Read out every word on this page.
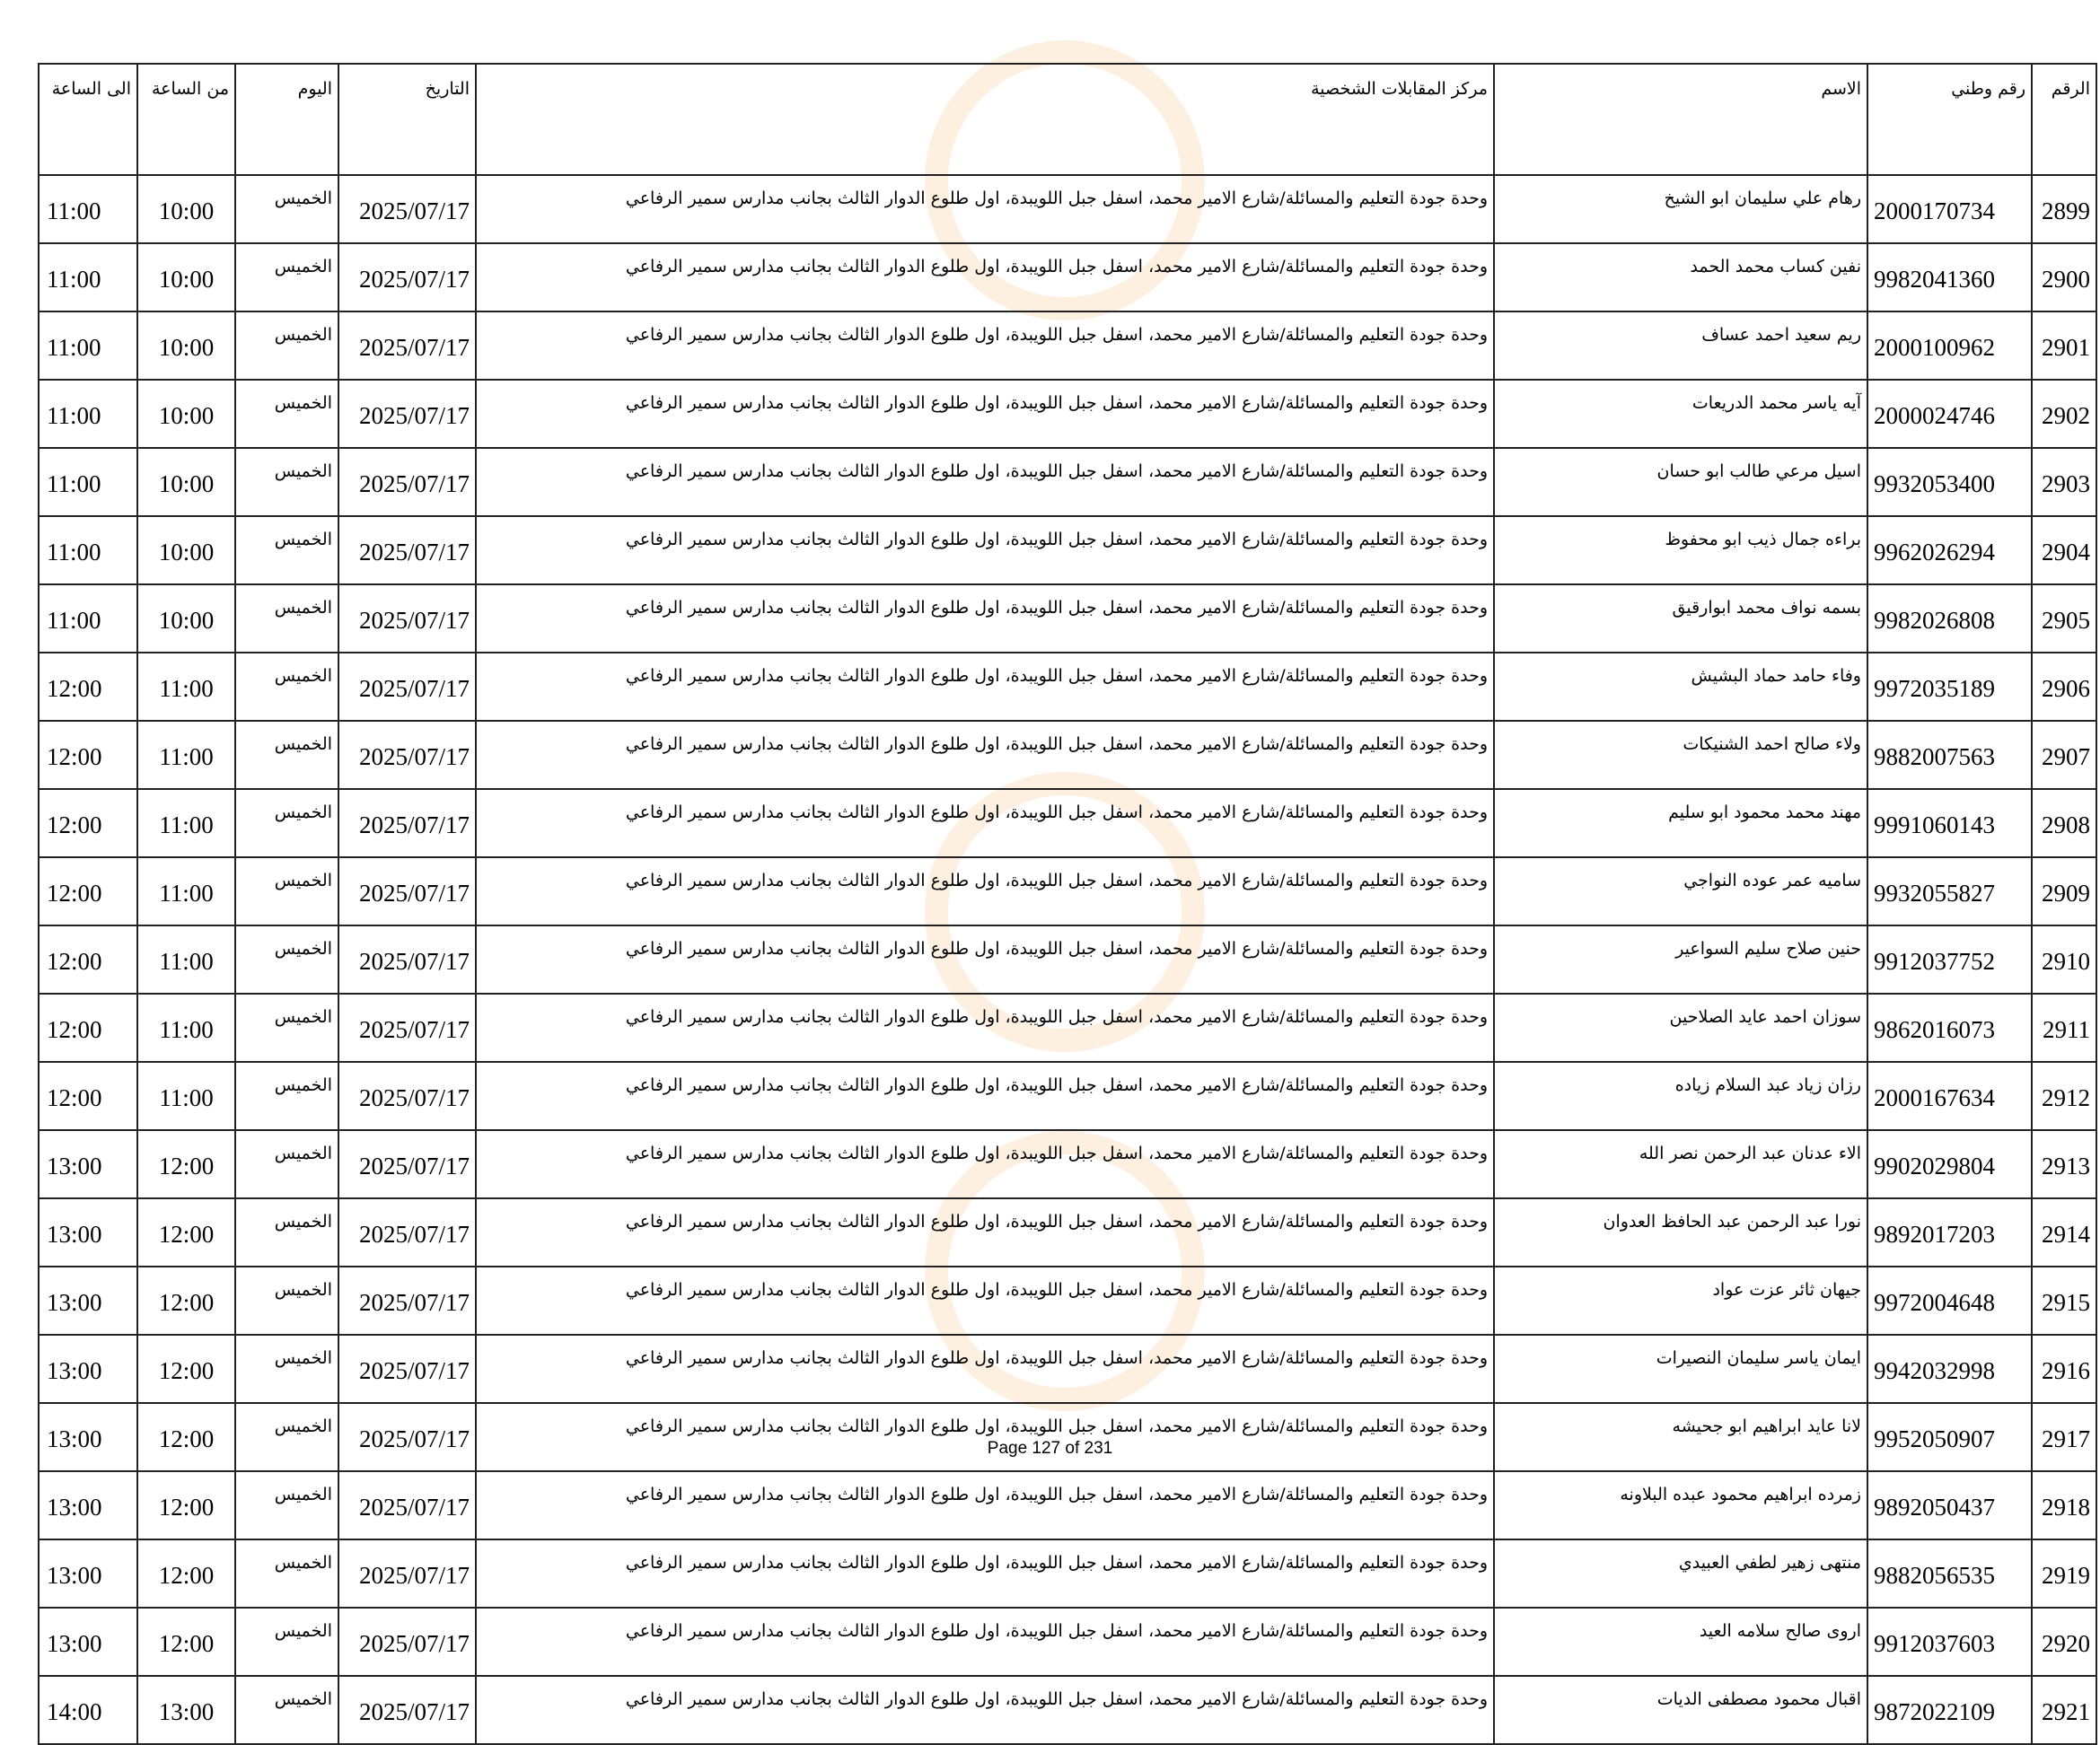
الرقم	رقم وطني	الاسم	مركز المقابلات الشخصية	التاريخ	اليوم	من الساعة	الى الساعة
2899	2000170734	رهام علي سليمان ابو الشيخ	وحدة جودة التعليم والمسائلة/شارع الامير محمد، اسفل جبل اللويبدة، اول طلوع الدوار الثالث بجانب مدارس سمير الرفاعي	2025/07/17	الخميس	10:00	11:00
2900	9982041360	نفين كساب محمد الحمد	وحدة جودة التعليم والمسائلة/شارع الامير محمد، اسفل جبل اللويبدة، اول طلوع الدوار الثالث بجانب مدارس سمير الرفاعي	2025/07/17	الخميس	10:00	11:00
2901	2000100962	ريم سعيد احمد عساف	وحدة جودة التعليم والمسائلة/شارع الامير محمد، اسفل جبل اللويبدة، اول طلوع الدوار الثالث بجانب مدارس سمير الرفاعي	2025/07/17	الخميس	10:00	11:00
2902	2000024746	آيه ياسر محمد الدريعات	وحدة جودة التعليم والمسائلة/شارع الامير محمد، اسفل جبل اللويبدة، اول طلوع الدوار الثالث بجانب مدارس سمير الرفاعي	2025/07/17	الخميس	10:00	11:00
2903	9932053400	اسيل مرعي طالب ابو حسان	وحدة جودة التعليم والمسائلة/شارع الامير محمد، اسفل جبل اللويبدة، اول طلوع الدوار الثالث بجانب مدارس سمير الرفاعي	2025/07/17	الخميس	10:00	11:00
2904	9962026294	براءه جمال ذيب ابو محفوظ	وحدة جودة التعليم والمسائلة/شارع الامير محمد، اسفل جبل اللويبدة، اول طلوع الدوار الثالث بجانب مدارس سمير الرفاعي	2025/07/17	الخميس	10:00	11:00
2905	9982026808	بسمه نواف محمد ابوارقيق	وحدة جودة التعليم والمسائلة/شارع الامير محمد، اسفل جبل اللويبدة، اول طلوع الدوار الثالث بجانب مدارس سمير الرفاعي	2025/07/17	الخميس	10:00	11:00
2906	9972035189	وفاء حامد حماد البشيش	وحدة جودة التعليم والمسائلة/شارع الامير محمد، اسفل جبل اللويبدة، اول طلوع الدوار الثالث بجانب مدارس سمير الرفاعي	2025/07/17	الخميس	11:00	12:00
2907	9882007563	ولاء صالح احمد الشنيكات	وحدة جودة التعليم والمسائلة/شارع الامير محمد، اسفل جبل اللويبدة، اول طلوع الدوار الثالث بجانب مدارس سمير الرفاعي	2025/07/17	الخميس	11:00	12:00
2908	9991060143	مهند محمد محمود ابو سليم	وحدة جودة التعليم والمسائلة/شارع الامير محمد، اسفل جبل اللويبدة، اول طلوع الدوار الثالث بجانب مدارس سمير الرفاعي	2025/07/17	الخميس	11:00	12:00
2909	9932055827	ساميه عمر عوده النواجي	وحدة جودة التعليم والمسائلة/شارع الامير محمد، اسفل جبل اللويبدة، اول طلوع الدوار الثالث بجانب مدارس سمير الرفاعي	2025/07/17	الخميس	11:00	12:00
2910	9912037752	حنين صلاح سليم السواعير	وحدة جودة التعليم والمسائلة/شارع الامير محمد، اسفل جبل اللويبدة، اول طلوع الدوار الثالث بجانب مدارس سمير الرفاعي	2025/07/17	الخميس	11:00	12:00
2911	9862016073	سوزان احمد عايد الصلاحين	وحدة جودة التعليم والمسائلة/شارع الامير محمد، اسفل جبل اللويبدة، اول طلوع الدوار الثالث بجانب مدارس سمير الرفاعي	2025/07/17	الخميس	11:00	12:00
2912	2000167634	رزان زياد عبد السلام زياده	وحدة جودة التعليم والمسائلة/شارع الامير محمد، اسفل جبل اللويبدة، اول طلوع الدوار الثالث بجانب مدارس سمير الرفاعي	2025/07/17	الخميس	11:00	12:00
2913	9902029804	الاء عدنان عبد الرحمن نصر الله	وحدة جودة التعليم والمسائلة/شارع الامير محمد، اسفل جبل اللويبدة، اول طلوع الدوار الثالث بجانب مدارس سمير الرفاعي	2025/07/17	الخميس	12:00	13:00
2914	9892017203	نورا عبد الرحمن عبد الحافظ العدوان	وحدة جودة التعليم والمسائلة/شارع الامير محمد، اسفل جبل اللويبدة، اول طلوع الدوار الثالث بجانب مدارس سمير الرفاعي	2025/07/17	الخميس	12:00	13:00
2915	9972004648	جيهان ثائر عزت عواد	وحدة جودة التعليم والمسائلة/شارع الامير محمد، اسفل جبل اللويبدة، اول طلوع الدوار الثالث بجانب مدارس سمير الرفاعي	2025/07/17	الخميس	12:00	13:00
2916	9942032998	ايمان ياسر سليمان النصيرات	وحدة جودة التعليم والمسائلة/شارع الامير محمد، اسفل جبل اللويبدة، اول طلوع الدوار الثالث بجانب مدارس سمير الرفاعي	2025/07/17	الخميس	12:00	13:00
2917	9952050907	لانا عايد ابراهيم ابو جحيشه	وحدة جودة التعليم والمسائلة/شارع الامير محمد، اسفل جبل اللويبدة، اول طلوع الدوار الثالث بجانب مدارس سمير الرفاعي	2025/07/17	الخميس	12:00	13:00
2918	9892050437	زمرده ابراهيم محمود عبده البلاونه	وحدة جودة التعليم والمسائلة/شارع الامير محمد، اسفل جبل اللويبدة، اول طلوع الدوار الثالث بجانب مدارس سمير الرفاعي	2025/07/17	الخميس	12:00	13:00
2919	9882056535	منتهى زهير لطفي العبيدي	وحدة جودة التعليم والمسائلة/شارع الامير محمد، اسفل جبل اللويبدة، اول طلوع الدوار الثالث بجانب مدارس سمير الرفاعي	2025/07/17	الخميس	12:00	13:00
2920	9912037603	اروى صالح سلامه العيد	وحدة جودة التعليم والمسائلة/شارع الامير محمد، اسفل جبل اللويبدة، اول طلوع الدوار الثالث بجانب مدارس سمير الرفاعي	2025/07/17	الخميس	12:00	13:00
2921	9872022109	اقبال محمود مصطفى الديات	وحدة جودة التعليم والمسائلة/شارع الامير محمد، اسفل جبل اللويبدة، اول طلوع الدوار الثالث بجانب مدارس سمير الرفاعي	2025/07/17	الخميس	13:00	14:00
Page 127 of 231
